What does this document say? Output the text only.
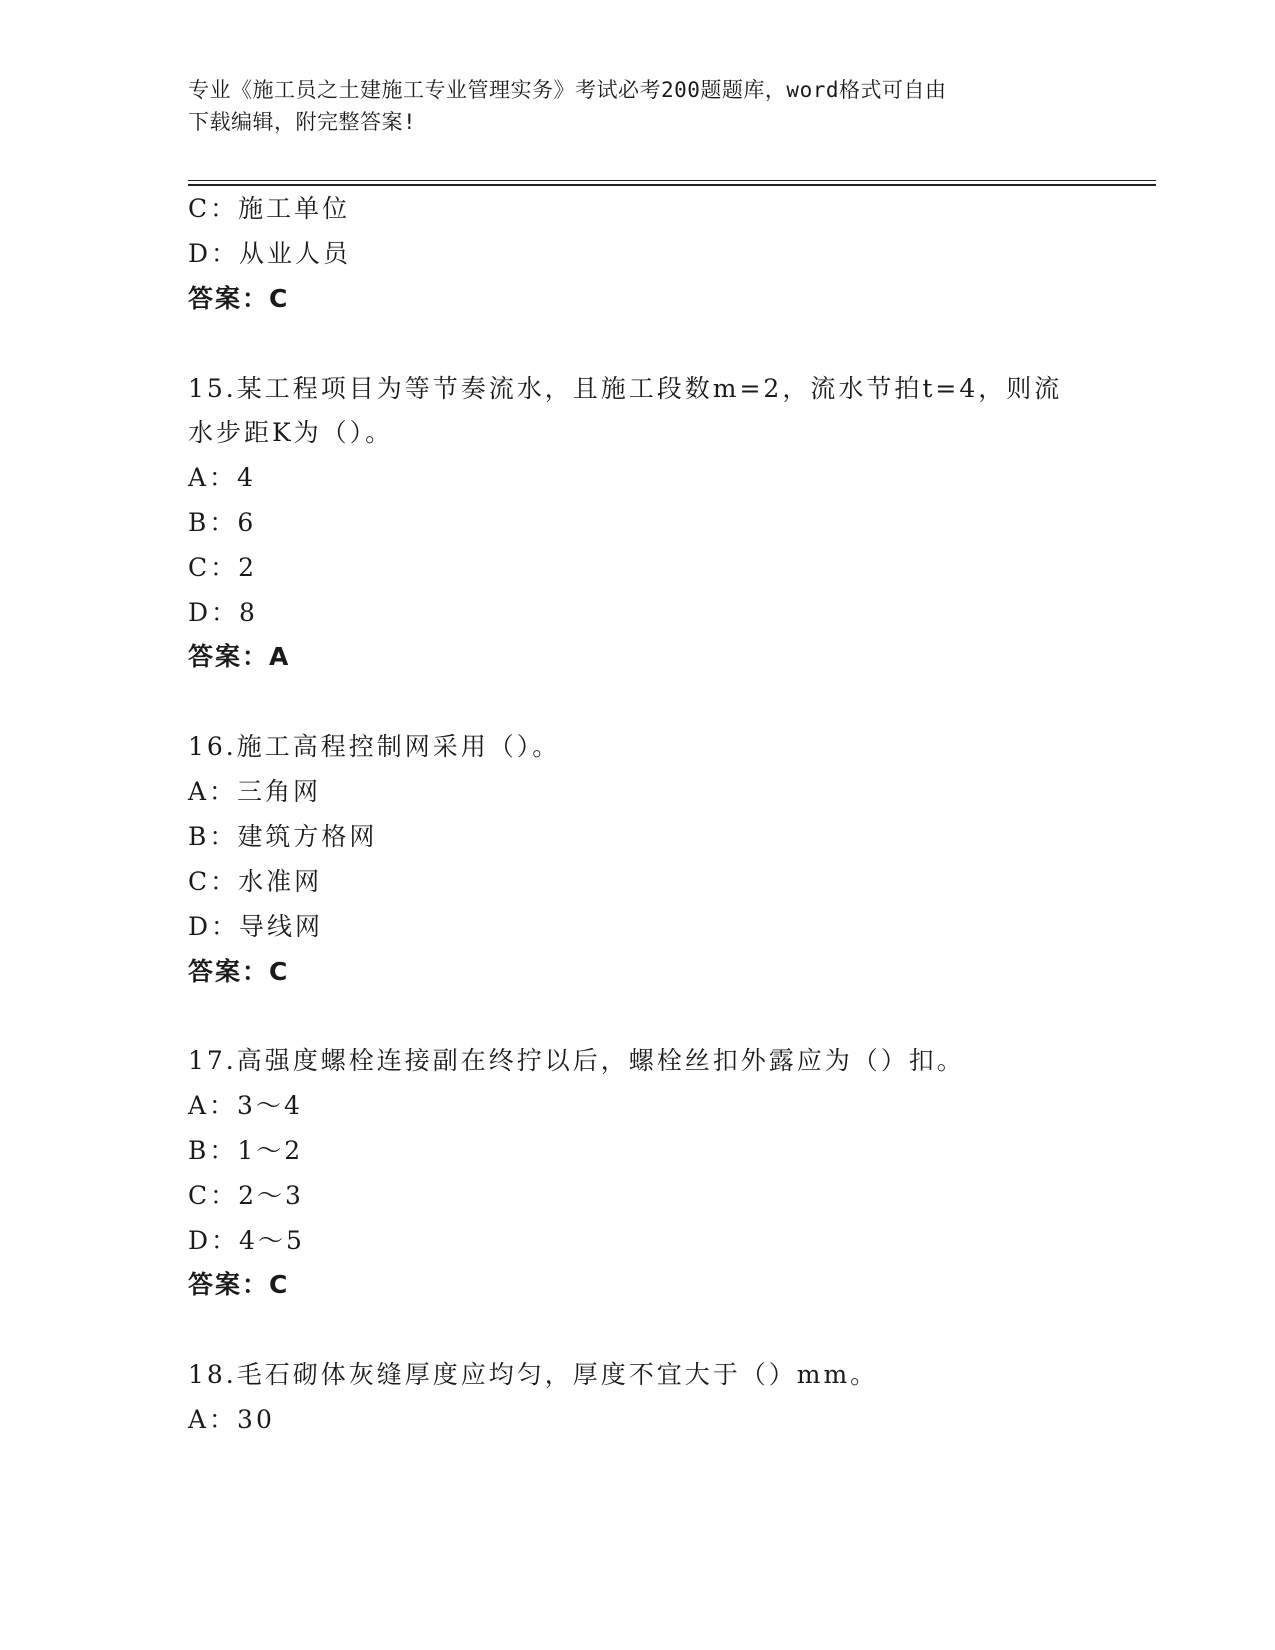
专业《施工员之土建施工专业管理实务》考试必考200题题库，word格式可自由
下载编辑，附完整答案!
C：施工单位
D：从业人员
答案：C
15.某工程项目为等节奏流水，且施工段数m=2，流水节拍t=4，则流
水步距K为（）。
A：4
B：6
C：2
D：8
答案：A
16.施工高程控制网采用（）。
A：三角网
B：建筑方格网
C：水准网
D：导线网
答案：C
17.高强度螺栓连接副在终拧以后，螺栓丝扣外露应为（）扣。
A：3～4
B：1～2
C：2～3
D：4～5
答案：C
18.毛石砌体灰缝厚度应均匀，厚度不宜大于（）mm。
A：30
